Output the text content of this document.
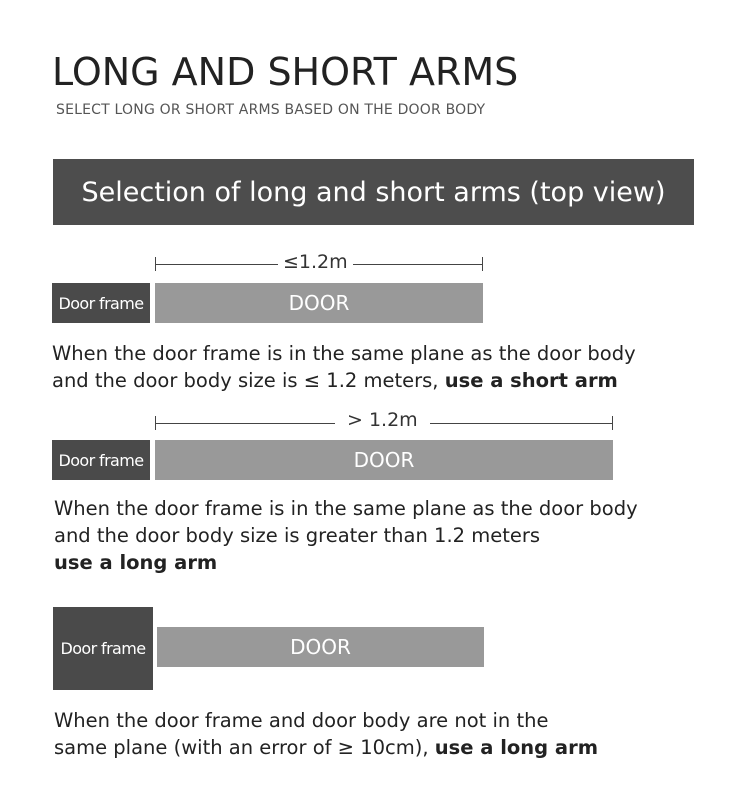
LONG AND SHORT ARMS
SELECT LONG OR SHORT ARMS BASED ON THE DOOR BODY
Selection of long and short arms (top view)
≤1.2m
Door frame	DOOR
When the door frame is in the same plane as the door body
and the door body size is ≤ 1.2 meters, use a short arm
> 1.2m
Door frame	DOOR
When the door frame is in the same plane as the door body
and the door body size is greater than 1.2 meters
use a long arm
Door frame	DOOR
When the door frame and door body are not in the
same plane (with an error of ≥ 10cm), use a long arm
